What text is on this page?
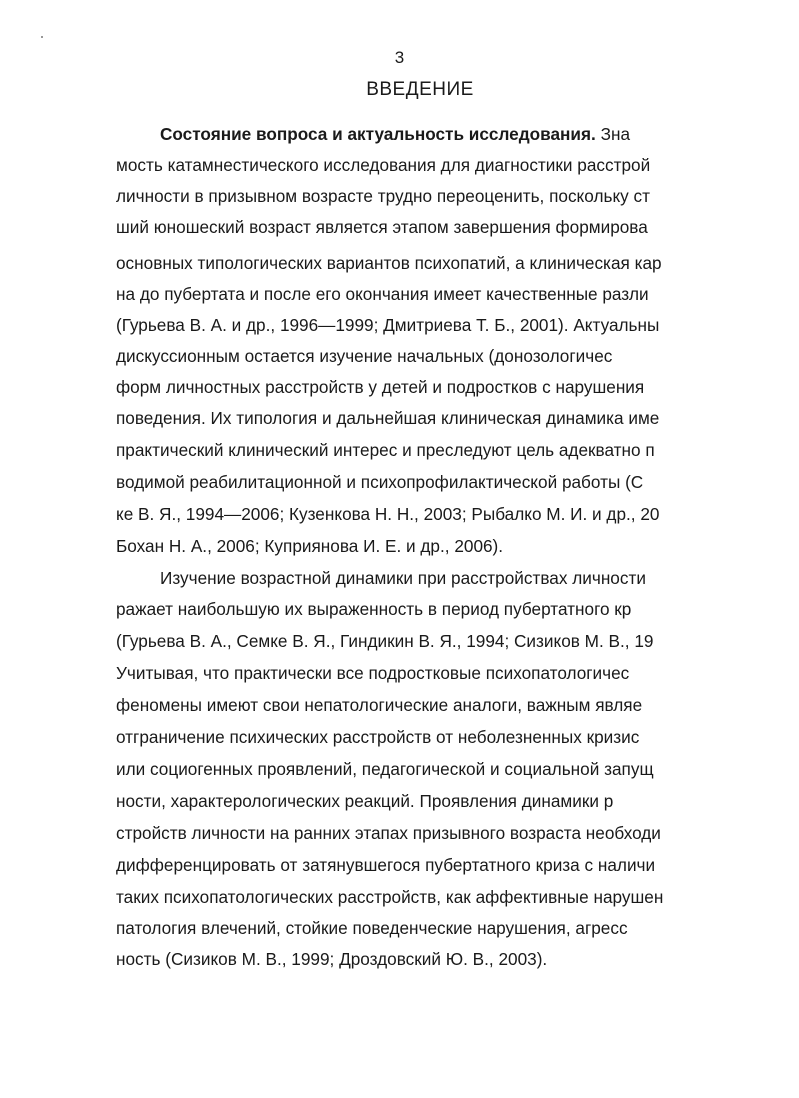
3
ВВЕДЕНИЕ
Состояние вопроса и актуальность исследования. Зна
мость катамнестического исследования для диагностики расстрой
личности в призывном возрасте трудно переоценить, поскольку ст
ший юношеский возраст является этапом завершения формирова
основных типологических вариантов психопатий, а клиническая кар
на до пубертата и после его окончания имеет качественные разли
(Гурьева В. А. и др., 1996—1999; Дмитриева Т. Б., 2001). Актуальны
дискуссионным остается изучение начальных (донозологичес
форм личностных расстройств у детей и подростков с нарушения
поведения. Их типология и дальнейшая клиническая динамика име
практический клинический интерес и преследуют цель адекватно п
водимой реабилитационной и психопрофилактической работы (С
ке В. Я., 1994—2006; Кузенкова Н. Н., 2003; Рыбалко М. И. и др., 20
Бохан Н. А., 2006; Куприянова И. Е. и др., 2006).
Изучение возрастной динамики при расстройствах личности
ражает наибольшую их выраженность в период пубертатного кр
(Гурьева В. А., Семке В. Я., Гиндикин В. Я., 1994; Сизиков М. В., 19
Учитывая, что практически все подростковые психопатологичес
феномены имеют свои непатологические аналоги, важным являе
отграничение психических расстройств от неболезненных кризис
или социогенных проявлений, педагогической и социальной запущ
ности, характерологических реакций. Проявления динамики р
стройств личности на ранних этапах призывного возраста необходи
дифференцировать от затянувшегося пубертатного криза с наличи
таких психопатологических расстройств, как аффективные нарушен
патология влечений, стойкие поведенческие нарушения, агресс
ность (Сизиков М. В., 1999; Дроздовский Ю. В., 2003).
